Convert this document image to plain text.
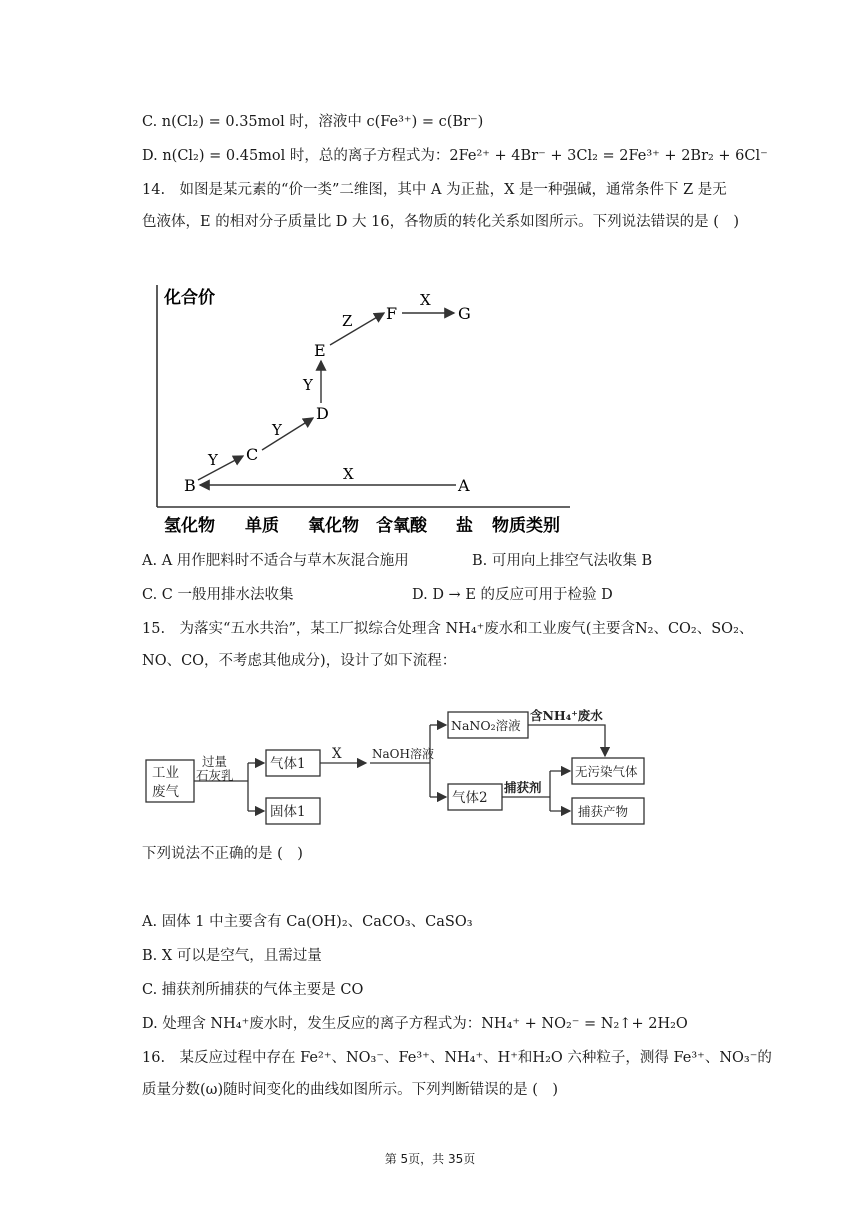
C. n(Cl₂) = 0.35mol 时，溶液中 c(Fe³⁺) = c(Br⁻)
D. n(Cl₂) = 0.45mol 时，总的离子方程式为：2Fe²⁺ + 4Br⁻ + 3Cl₂ = 2Fe³⁺ + 2Br₂ + 6Cl⁻
14.　如图是某元素的“价一类”二维图，其中 A 为正盐，X 是一种强碱，通常条件下 Z 是无
色液体，E 的相对分子质量比 D 大 16，各物质的转化关系如图所示。下列说法错误的是 (　)
化合价
B
C
D
E
F	G
A
Y
Y
Y
Z
X
X
氢化物 单质 氧化物 含氧酸 盐 物质类别
A. A 用作肥料时不适合与草木灰混合施用	B. 可用向上排空气法收集 B
C. C 一般用排水法收集	D. D → E 的反应可用于检验 D
15.　为落实“五水共治”，某工厂拟综合处理含 NH₄⁺废水和工业废气(主要含N₂、CO₂、SO₂、
NO、CO，不考虑其他成分)，设计了如下流程：
工业
废气
过量
石灰乳
气体1
固体1
X	NaOH溶液
NaNO₂溶液
含NH₄⁺废水
气体2
捕获剂
无污染气体
捕获产物
下列说法不正确的是 (　)
A. 固体 1 中主要含有 Ca(OH)₂、CaCO₃、CaSO₃
B. X 可以是空气，且需过量
C. 捕获剂所捕获的气体主要是 CO
D. 处理含 NH₄⁺废水时，发生反应的离子方程式为：NH₄⁺ + NO₂⁻ = N₂↑+ 2H₂O
16.　某反应过程中存在 Fe²⁺、NO₃⁻、Fe³⁺、NH₄⁺、H⁺和H₂O 六种粒子，测得 Fe³⁺、NO₃⁻的
质量分数(ω)随时间变化的曲线如图所示。下列判断错误的是 (　)
第 5页，共 35页
